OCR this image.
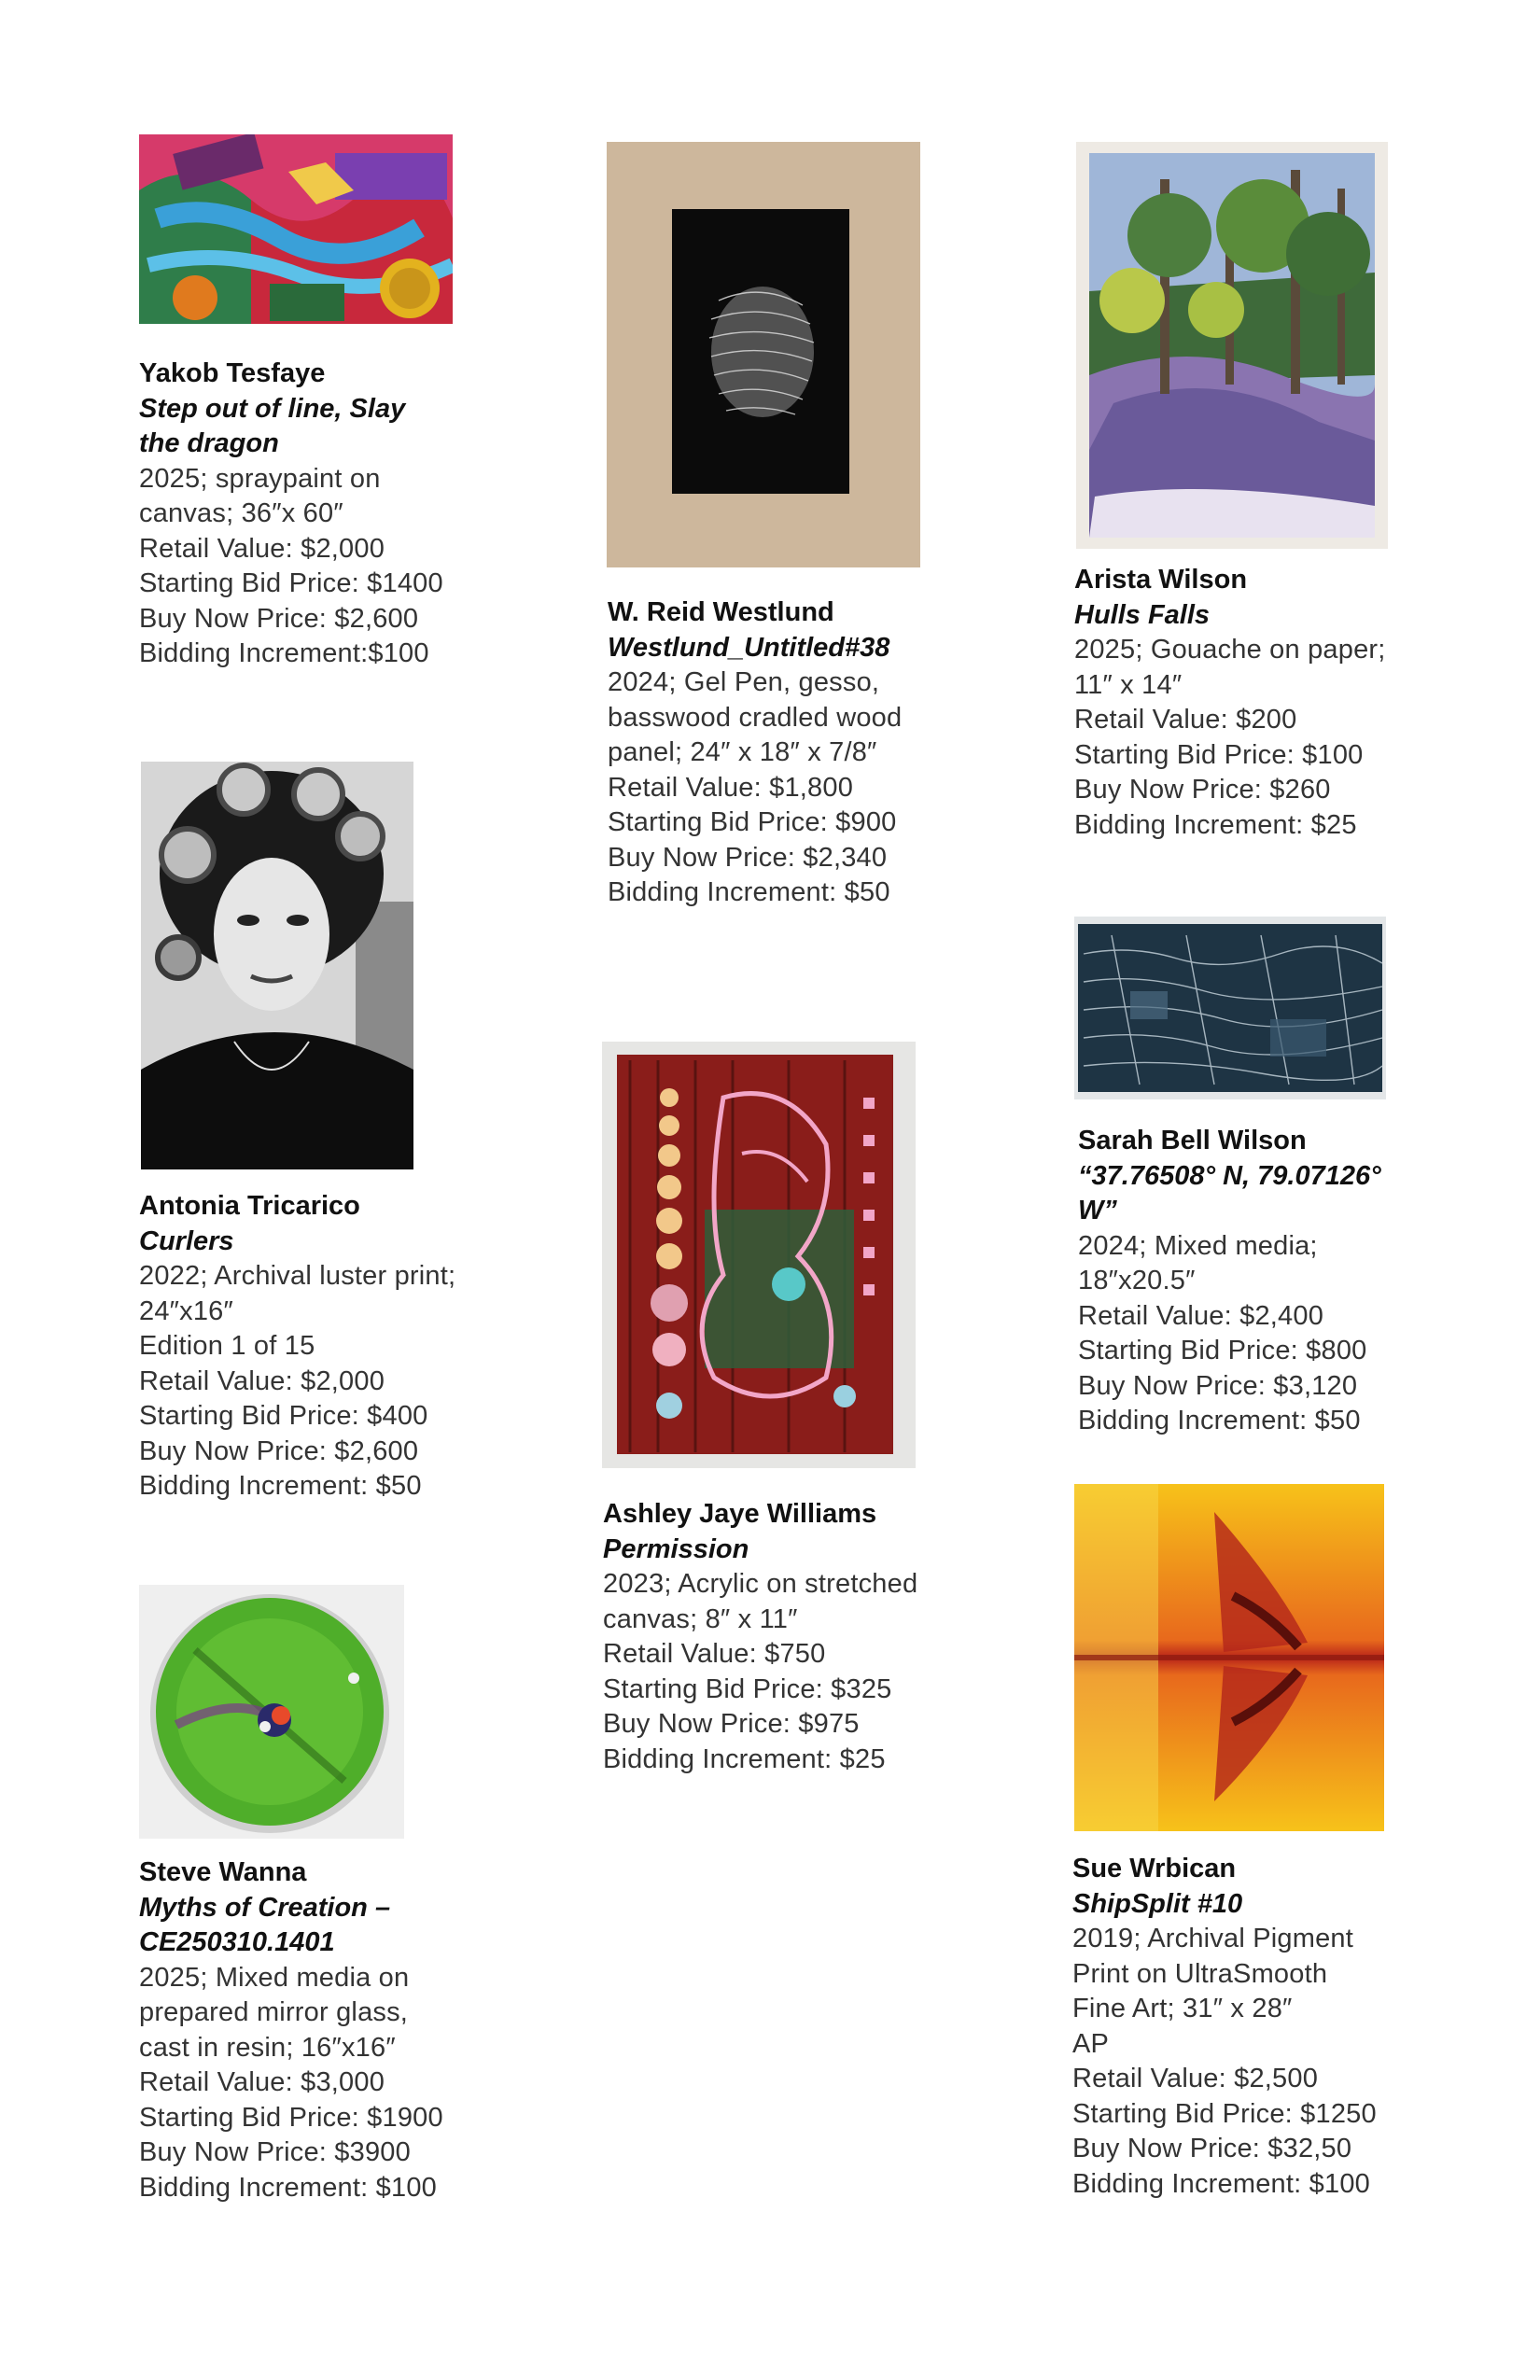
Yakob Tesfaye
Step out of line, Slay
the dragon
2025; spraypaint on
canvas; 36″x 60″
Retail Value: $2,000
Starting Bid Price: $1400
Buy Now Price: $2,600
Bidding Increment:$100
W. Reid Westlund
Westlund_Untitled#38
2024; Gel Pen, gesso,
basswood cradled wood
panel; 24″ x 18″ x 7/8″
Retail Value: $1,800
Starting Bid Price: $900
Buy Now Price: $2,340
Bidding Increment: $50
Arista Wilson
Hulls Falls
2025; Gouache on paper;
11″ x 14″
Retail Value: $200
Starting Bid Price: $100
Buy Now Price: $260
Bidding Increment: $25
Antonia Tricarico
Curlers
2022; Archival luster print;
24″x16″
Edition 1 of 15
Retail Value: $2,000
Starting Bid Price: $400
Buy Now Price: $2,600
Bidding Increment: $50
Ashley Jaye Williams
Permission
2023; Acrylic on stretched
canvas; 8″ x 11″
Retail Value: $750
Starting Bid Price: $325
Buy Now Price: $975
Bidding Increment: $25
Sarah Bell Wilson
“37.76508° N, 79.07126°
W”
2024; Mixed media;
18″x20.5″
Retail Value: $2,400
Starting Bid Price: $800
Buy Now Price: $3,120
Bidding Increment: $50
Steve Wanna
Myths of Creation –
CE250310.1401
2025; Mixed media on
prepared mirror glass,
cast in resin; 16″x16″
Retail Value: $3,000
Starting Bid Price: $1900
Buy Now Price: $3900
Bidding Increment: $100
Sue Wrbican
ShipSplit #10
2019; Archival Pigment
Print on UltraSmooth
Fine Art; 31″ x 28″
AP
Retail Value: $2,500
Starting Bid Price: $1250
Buy Now Price: $32,50
Bidding Increment: $100
